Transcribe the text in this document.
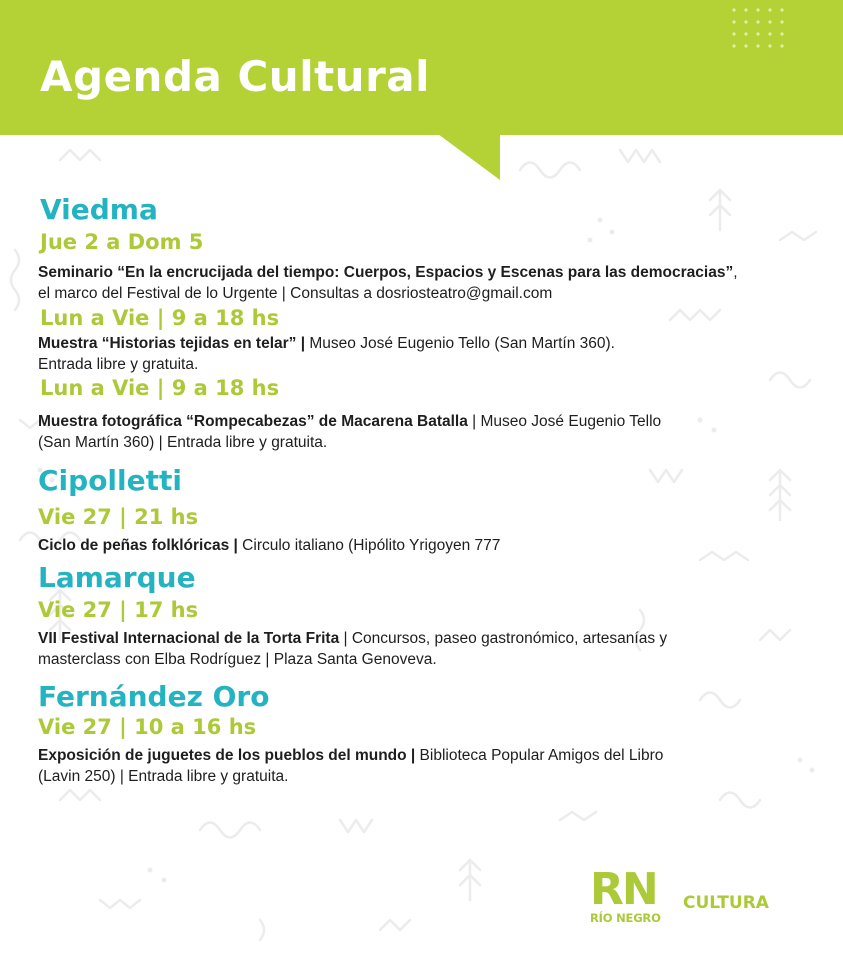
Agenda Cultural
Viedma
Jue 2 a Dom 5
Seminario “En la encrucijada del tiempo: Cuerpos, Espacios y Escenas para las democracias”,
el marco del Festival de lo Urgente | Consultas a dosriosteatro@gmail.com
Lun a Vie | 9 a 18 hs
Muestra “Historias tejidas en telar” | Museo José Eugenio Tello (San Martín 360).
Entrada libre y gratuita.
Lun a Vie | 9 a 18 hs
Muestra fotográfica “Rompecabezas” de Macarena Batalla | Museo José Eugenio Tello
(San Martín 360) | Entrada libre y gratuita.
Cipolletti
Vie 27 | 21 hs
Ciclo de peñas folklóricas | Circulo italiano (Hipólito Yrigoyen 777
Lamarque
Vie 27 | 17 hs
VII Festival Internacional de la Torta Frita | Concursos, paseo gastronómico, artesanías y
masterclass con Elba Rodríguez | Plaza Santa Genoveva.
Fernández Oro
Vie 27 | 10 a 16 hs
Exposición de juguetes de los pueblos del mundo | Biblioteca Popular Amigos del Libro
(Lavin 250) | Entrada libre y gratuita.
RN
RÍO NEGRO
CULTURA
